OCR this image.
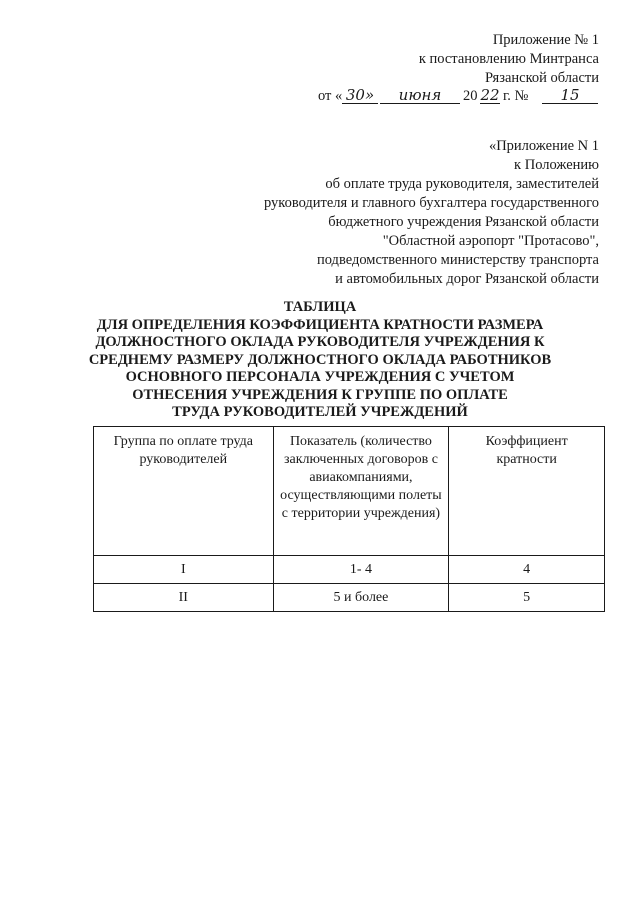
Приложение № 1
к постановлению Минтранса
Рязанской области
от « 30»	июня	20 22 г. №	15
«Приложение N 1
к Положению
об оплате труда руководителя, заместителей
руководителя и главного бухгалтера государственного
бюджетного учреждения Рязанской области
"Областной аэропорт "Протасово",
подведомственного министерству транспорта
и автомобильных дорог Рязанской области
ТАБЛИЦА
ДЛЯ ОПРЕДЕЛЕНИЯ КОЭФФИЦИЕНТА КРАТНОСТИ РАЗМЕРА
ДОЛЖНОСТНОГО ОКЛАДА РУКОВОДИТЕЛЯ УЧРЕЖДЕНИЯ К
СРЕДНЕМУ РАЗМЕРУ ДОЛЖНОСТНОГО ОКЛАДА РАБОТНИКОВ
ОСНОВНОГО ПЕРСОНАЛА УЧРЕЖДЕНИЯ С УЧЕТОМ
ОТНЕСЕНИЯ УЧРЕЖДЕНИЯ К ГРУППЕ ПО ОПЛАТЕ
ТРУДА РУКОВОДИТЕЛЕЙ УЧРЕЖДЕНИЙ
Группа по оплате труда руководителей	Показатель (количество заключенных договоров с авиакомпаниями, осуществляющими полеты с территории учреждения)	Коэффициент кратности
I	1- 4	4
II	5 и более	5
